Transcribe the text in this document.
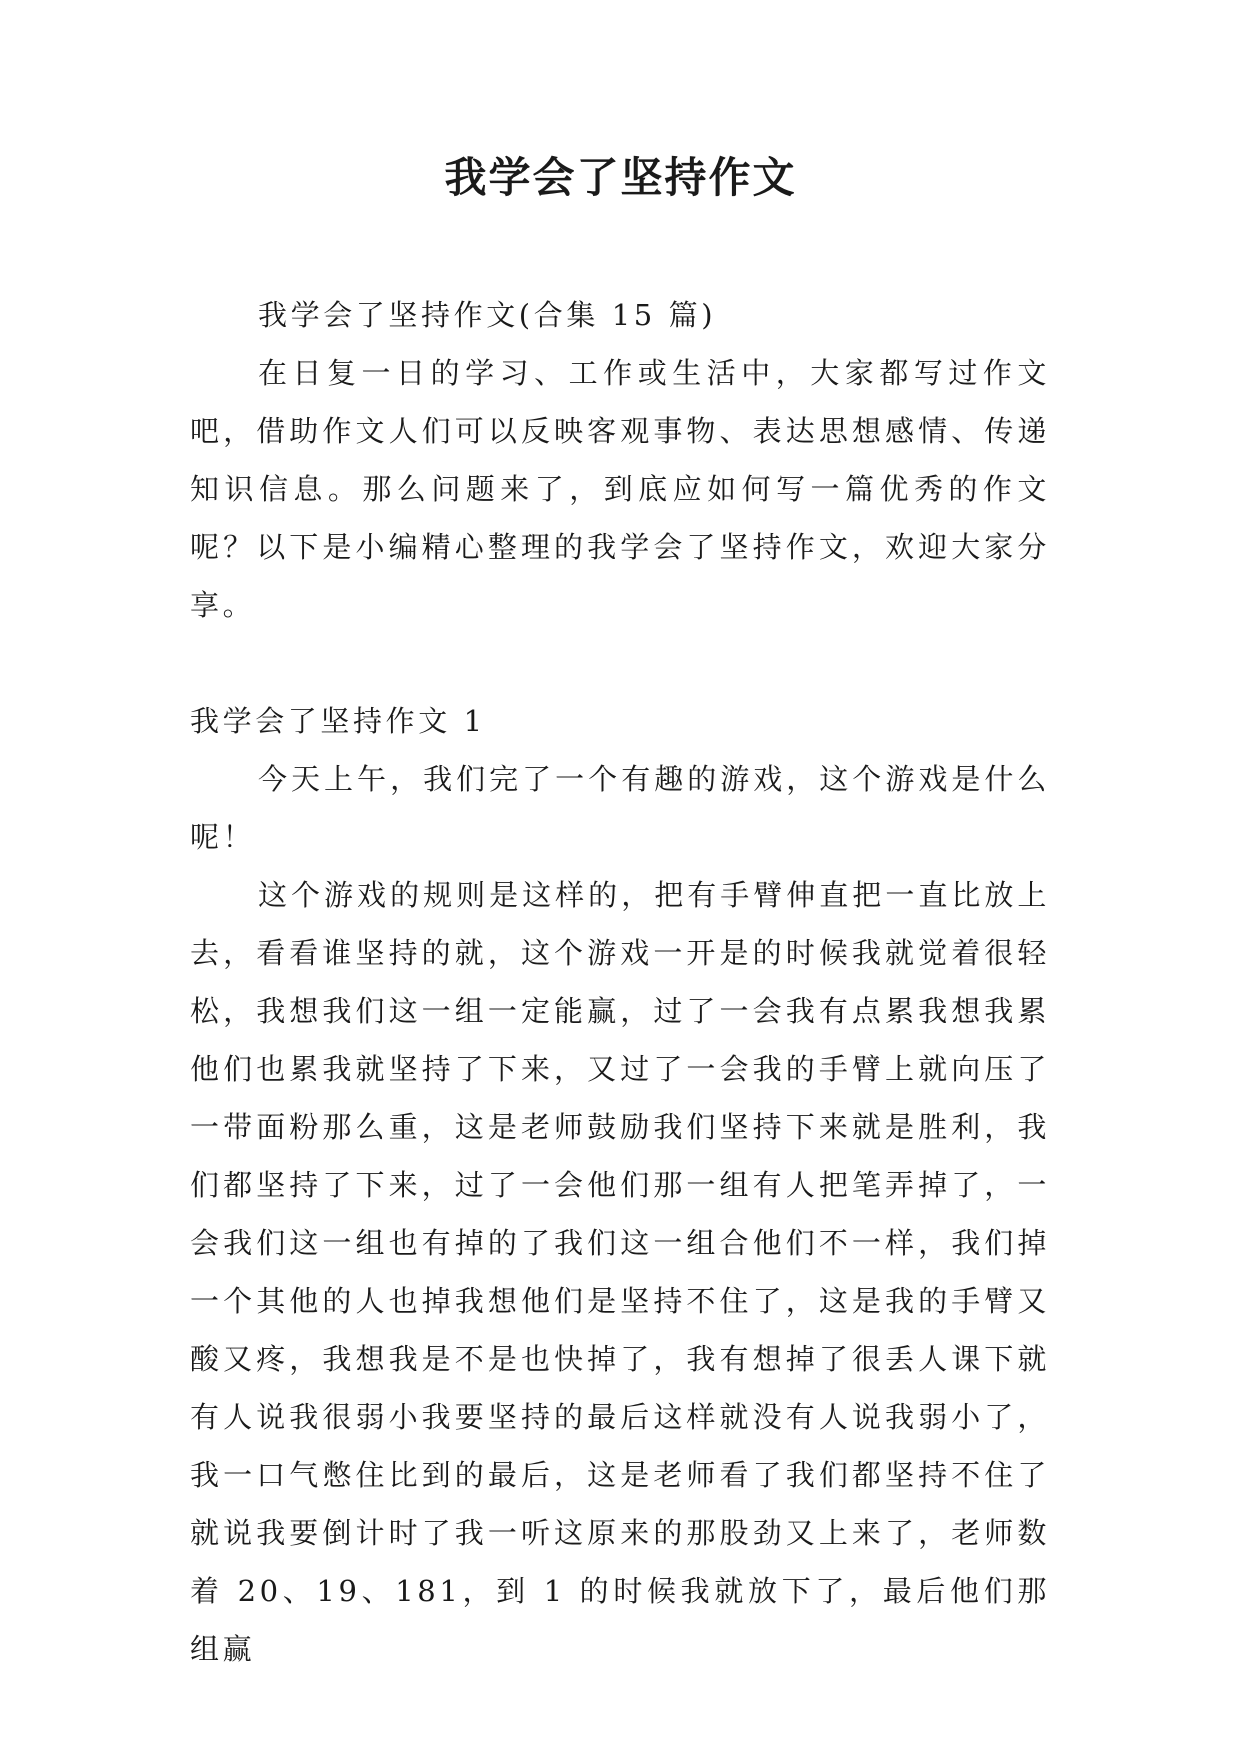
我学会了坚持作文

我学会了坚持作文(合集 15 篇)

在日复一日的学习、工作或生活中，大家都写过作文吧，借助作文人们可以反映客观事物、表达思想感情、传递知识信息。那么问题来了，到底应如何写一篇优秀的作文呢？以下是小编精心整理的我学会了坚持作文，欢迎大家分享。

我学会了坚持作文 1

今天上午，我们完了一个有趣的游戏，这个游戏是什么呢！

这个游戏的规则是这样的，把有手臂伸直把一直比放上去，看看谁坚持的就，这个游戏一开是的时候我就觉着很轻松，我想我们这一组一定能赢，过了一会我有点累我想我累他们也累我就坚持了下来，又过了一会我的手臂上就向压了一带面粉那么重，这是老师鼓励我们坚持下来就是胜利，我们都坚持了下来，过了一会他们那一组有人把笔弄掉了，一会我们这一组也有掉的了我们这一组合他们不一样，我们掉一个其他的人也掉我想他们是坚持不住了，这是我的手臂又酸又疼，我想我是不是也快掉了，我有想掉了很丢人课下就有人说我很弱小我要坚持的最后这样就没有人说我弱小了，我一口气憋住比到的最后，这是老师看了我们都坚持不住了就说我要倒计时了我一听这原来的那股劲又上来了，老师数着 20、19、181，到 1 的时候我就放下了，最后他们那组赢
